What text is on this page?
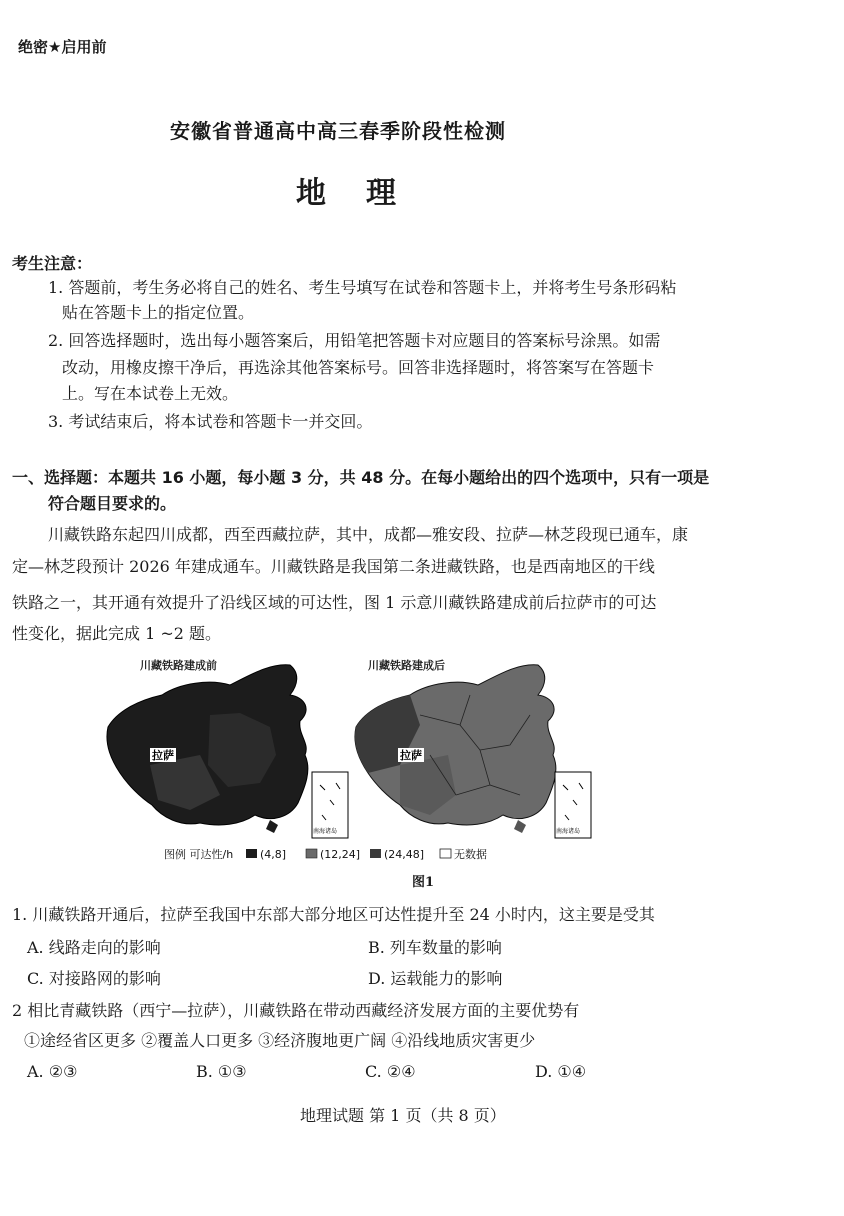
绝密★启用前
安徽省普通高中高三春季阶段性检测
地理
考生注意：
1. 答题前，考生务必将自己的姓名、考生号填写在试卷和答题卡上，并将考生号条形码粘
贴在答题卡上的指定位置。
2. 回答选择题时，选出每小题答案后，用铅笔把答题卡对应题目的答案标号涂黑。如需
改动，用橡皮擦干净后，再选涂其他答案标号。回答非选择题时，将答案写在答题卡
上。写在本试卷上无效。
3. 考试结束后，将本试卷和答题卡一并交回。
一、选择题：本题共 16 小题，每小题 3 分，共 48 分。在每小题给出的四个选项中，只有一项是
符合题目要求的。
川藏铁路东起四川成都，西至西藏拉萨，其中，成都—雅安段、拉萨—林芝段现已通车，康
定—林芝段预计 2026 年建成通车。川藏铁路是我国第二条进藏铁路，也是西南地区的干线
铁路之一，其开通有效提升了沿线区域的可达性，图 1 示意川藏铁路建成前后拉萨市的可达
性变化，据此完成 1 ~2 题。
川藏铁路建成前
拉萨
南海诸岛
川藏铁路建成后
拉萨
南海诸岛
图例 可达性/h (4,8]	(12,24] (24,48]	无数据
图1
1. 川藏铁路开通后，拉萨至我国中东部大部分地区可达性提升至 24 小时内，这主要是受其
A. 线路走向的影响	B. 列车数量的影响
C. 对接路网的影响	D. 运载能力的影响
2 相比青藏铁路（西宁—拉萨），川藏铁路在带动西藏经济发展方面的主要优势有
①途经省区更多 ②覆盖人口更多 ③经济腹地更广阔 ④沿线地质灾害更少
A. ②③	B. ①③	C. ②④	D. ①④
地理试题 第 1 页（共 8 页）
